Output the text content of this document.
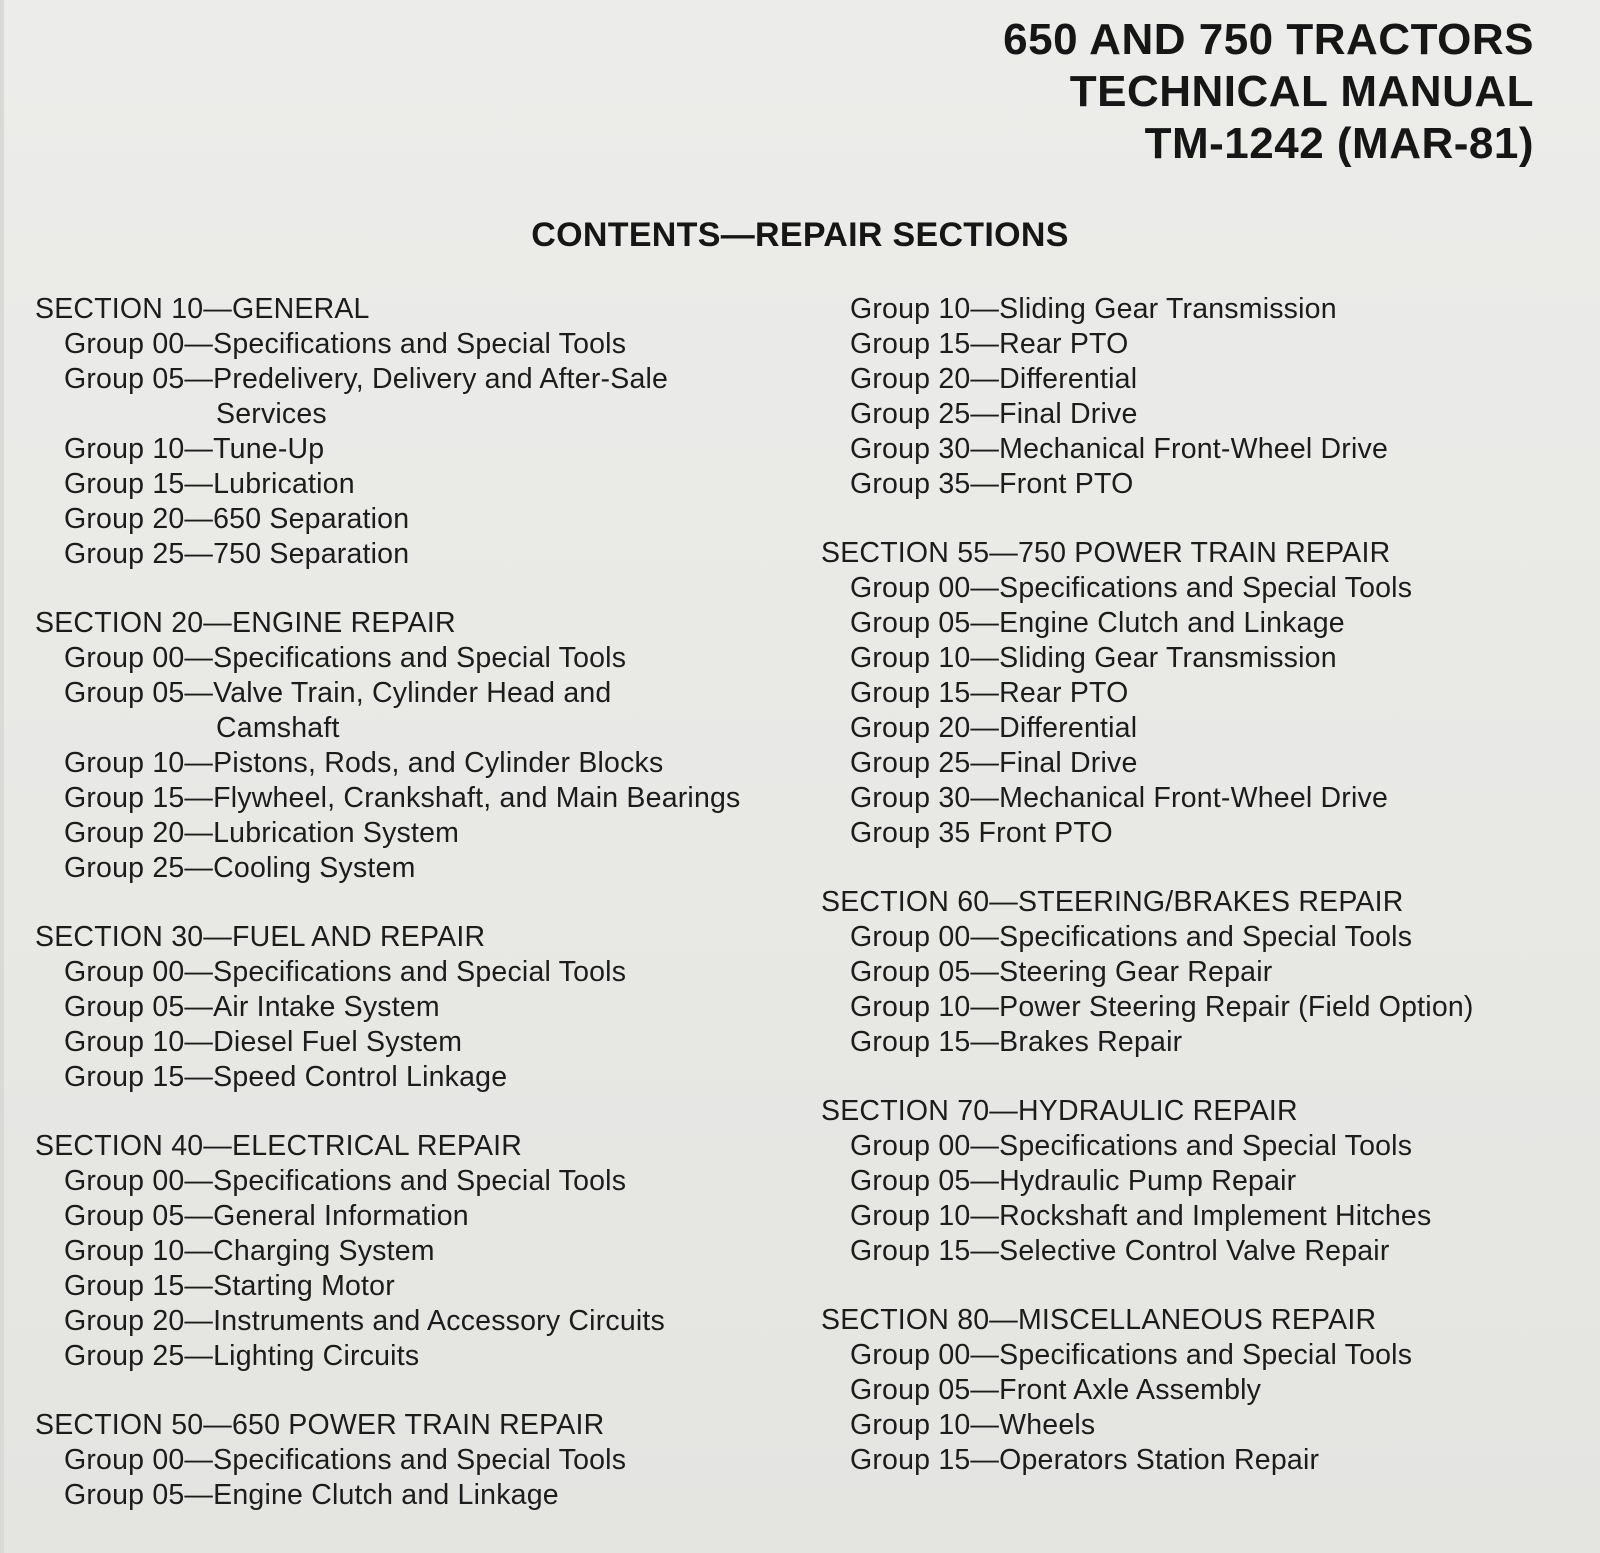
650 AND 750 TRACTORS
TECHNICAL MANUAL
TM-1242 (MAR-81)
CONTENTS—REPAIR SECTIONS
SECTION 10—GENERAL
Group 00—Specifications and Special Tools
Group 05—Predelivery, Delivery and After-Sale
Services
Group 10—Tune-Up
Group 15—Lubrication
Group 20—650 Separation
Group 25—750 Separation
SECTION 20—ENGINE REPAIR
Group 00—Specifications and Special Tools
Group 05—Valve Train, Cylinder Head and
Camshaft
Group 10—Pistons, Rods, and Cylinder Blocks
Group 15—Flywheel, Crankshaft, and Main Bearings
Group 20—Lubrication System
Group 25—Cooling System
SECTION 30—FUEL AND REPAIR
Group 00—Specifications and Special Tools
Group 05—Air Intake System
Group 10—Diesel Fuel System
Group 15—Speed Control Linkage
SECTION 40—ELECTRICAL REPAIR
Group 00—Specifications and Special Tools
Group 05—General Information
Group 10—Charging System
Group 15—Starting Motor
Group 20—Instruments and Accessory Circuits
Group 25—Lighting Circuits
SECTION 50—650 POWER TRAIN REPAIR
Group 00—Specifications and Special Tools
Group 05—Engine Clutch and Linkage
Group 10—Sliding Gear Transmission
Group 15—Rear PTO
Group 20—Differential
Group 25—Final Drive
Group 30—Mechanical Front-Wheel Drive
Group 35—Front PTO
SECTION 55—750 POWER TRAIN REPAIR
Group 00—Specifications and Special Tools
Group 05—Engine Clutch and Linkage
Group 10—Sliding Gear Transmission
Group 15—Rear PTO
Group 20—Differential
Group 25—Final Drive
Group 30—Mechanical Front-Wheel Drive
Group 35 Front PTO
SECTION 60—STEERING/BRAKES REPAIR
Group 00—Specifications and Special Tools
Group 05—Steering Gear Repair
Group 10—Power Steering Repair (Field Option)
Group 15—Brakes Repair
SECTION 70—HYDRAULIC REPAIR
Group 00—Specifications and Special Tools
Group 05—Hydraulic Pump Repair
Group 10—Rockshaft and Implement Hitches
Group 15—Selective Control Valve Repair
SECTION 80—MISCELLANEOUS REPAIR
Group 00—Specifications and Special Tools
Group 05—Front Axle Assembly
Group 10—Wheels
Group 15—Operators Station Repair
